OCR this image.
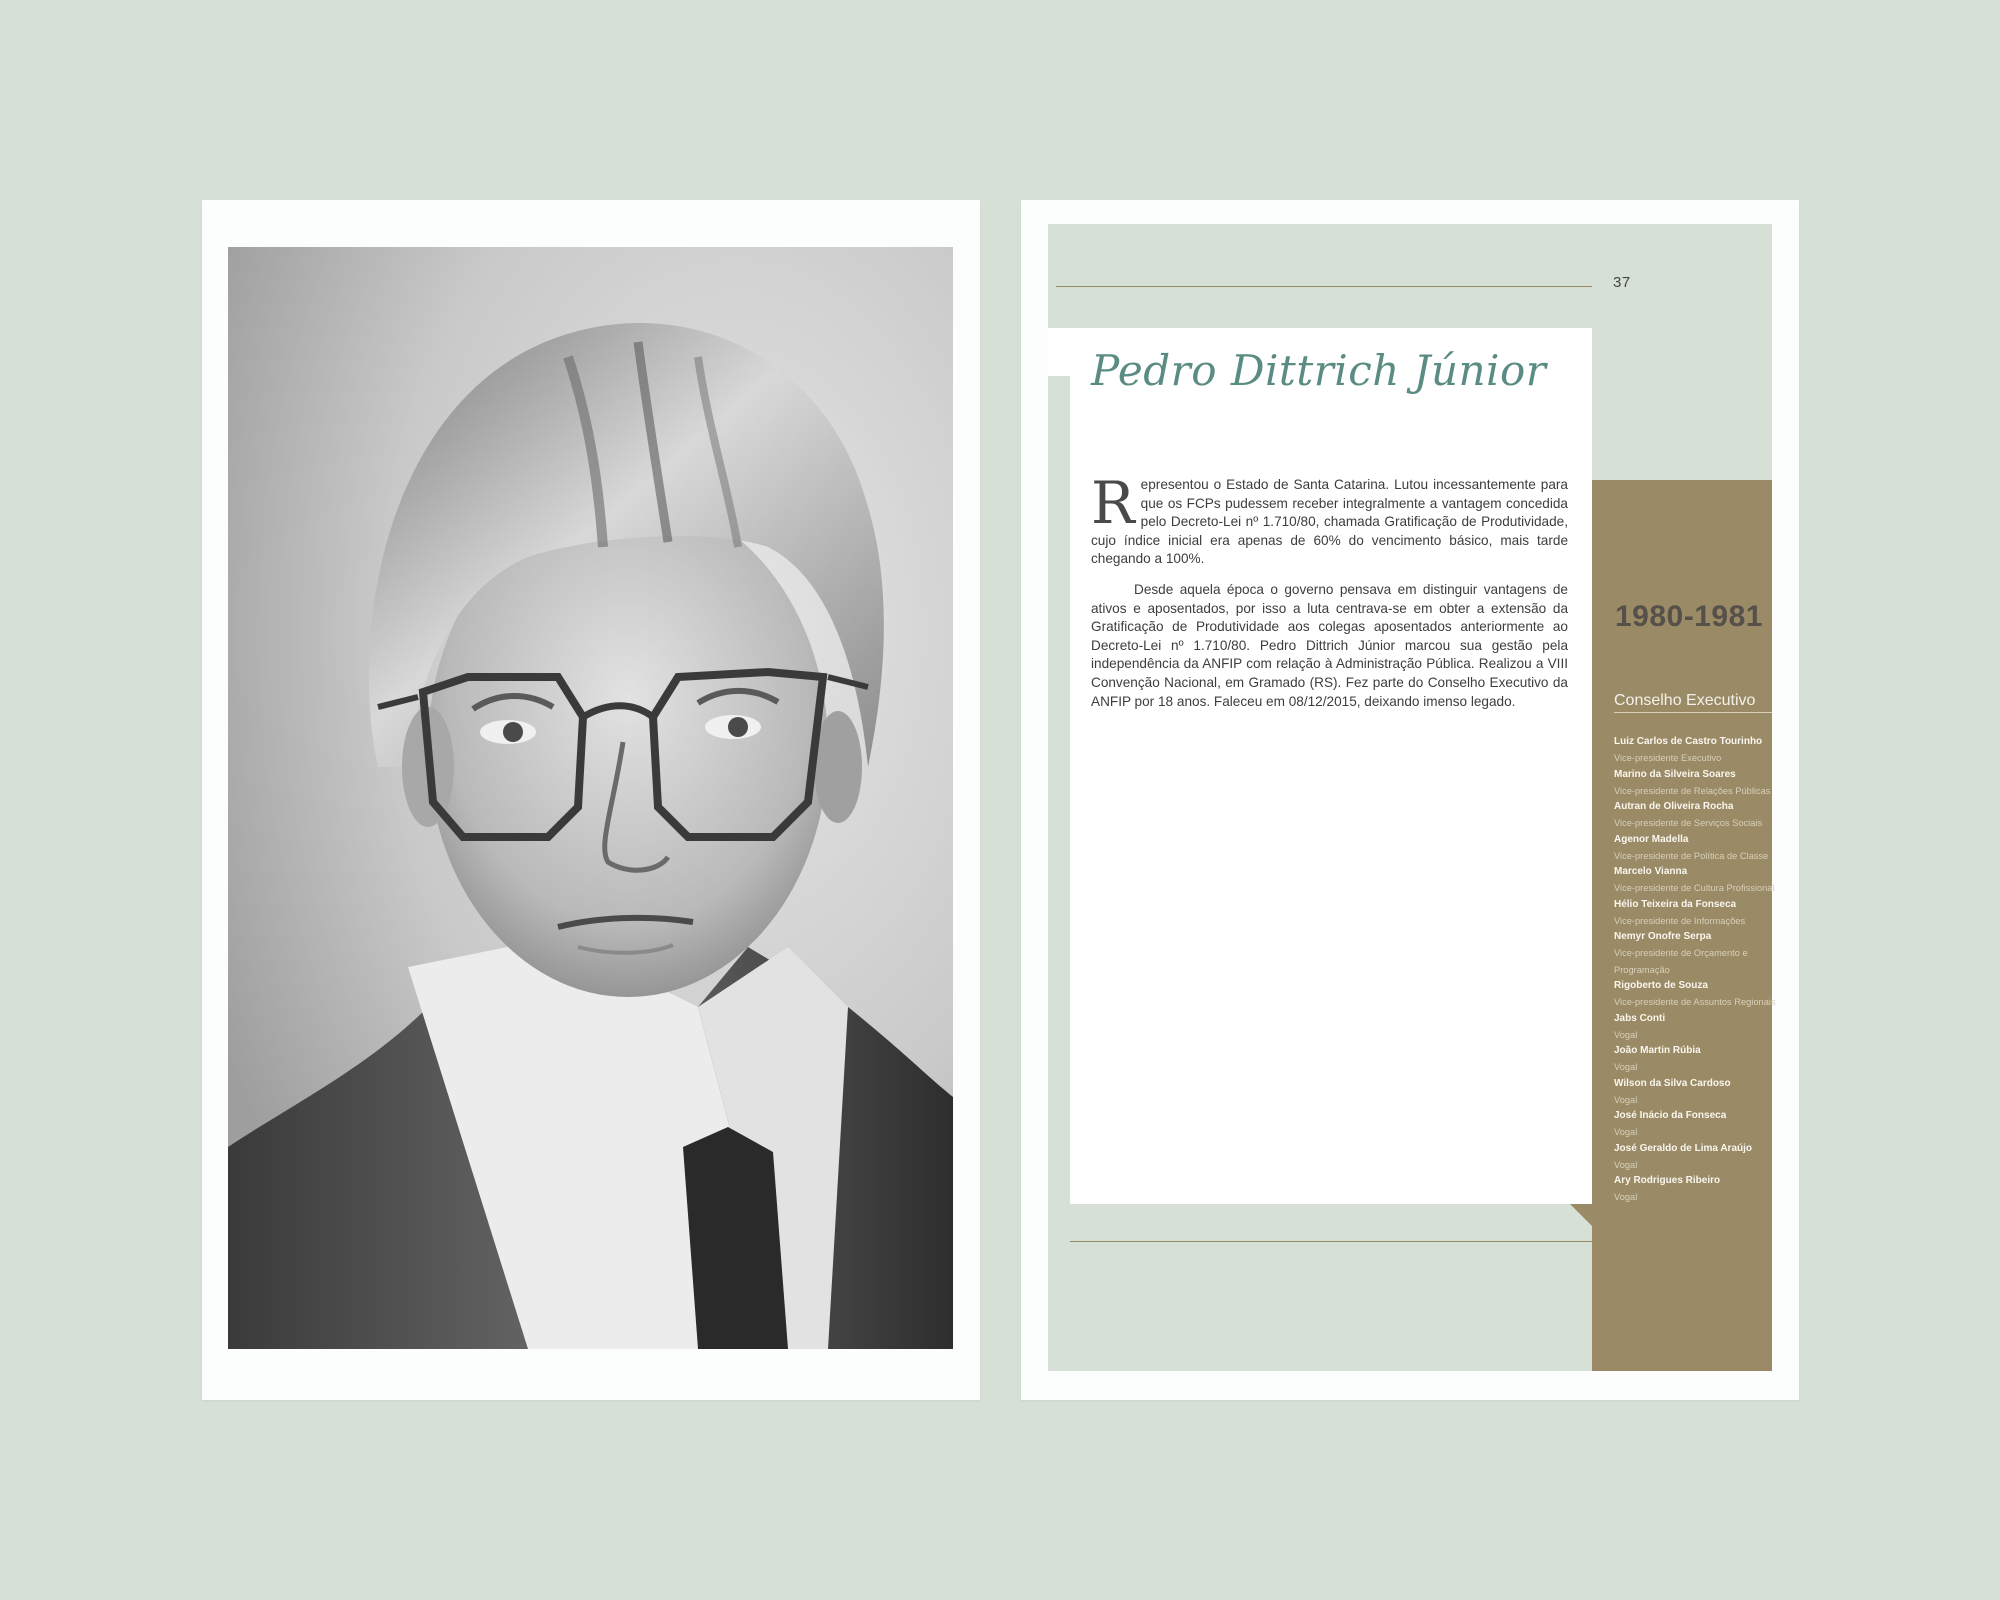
37
Pedro Dittrich Júnior

Representou o Estado de Santa Catarina. Lutou incessantemente para que os FCPs pudessem receber integralmente a vantagem concedida pelo Decreto-Lei nº 1.710/80, chamada Gratificação de Produtividade, cujo índice inicial era apenas de 60% do vencimento básico, mais tarde chegando a 100%.

Desde aquela época o governo pensava em distinguir vantagens de ativos e aposentados, por isso a luta centrava-se em obter a extensão da Gratificação de Produtividade aos colegas aposentados anteriormente ao Decreto-Lei nº 1.710/80. Pedro Dittrich Júnior marcou sua gestão pela independência da ANFIP com relação à Administração Pública. Realizou a VIII Convenção Nacional, em Gramado (RS). Fez parte do Conselho Executivo da ANFIP por 18 anos. Faleceu em 08/12/2015, deixando imenso legado.

1980-1981
Conselho Executivo
Luiz Carlos de Castro Tourinho
Vice-presidente Executivo
Marino da Silveira Soares
Vice-presidente de Relações Públicas
Autran de Oliveira Rocha
Vice-presidente de Serviços Sociais
Agenor Madella
Vice-presidente de Política de Classe
Marcelo Vianna
Vice-presidente de Cultura Profissional
Hélio Teixeira da Fonseca
Vice-presidente de Informações
Nemyr Onofre Serpa
Vice-presidente de Orçamento e Programação
Rigoberto de Souza
Vice-presidente de Assuntos Regionais
Jabs Conti
Vogal
João Martin Rúbia
Vogal
Wilson da Silva Cardoso
Vogal
José Inácio da Fonseca
Vogal
José Geraldo de Lima Araújo
Vogal
Ary Rodrigues Ribeiro
Vogal
